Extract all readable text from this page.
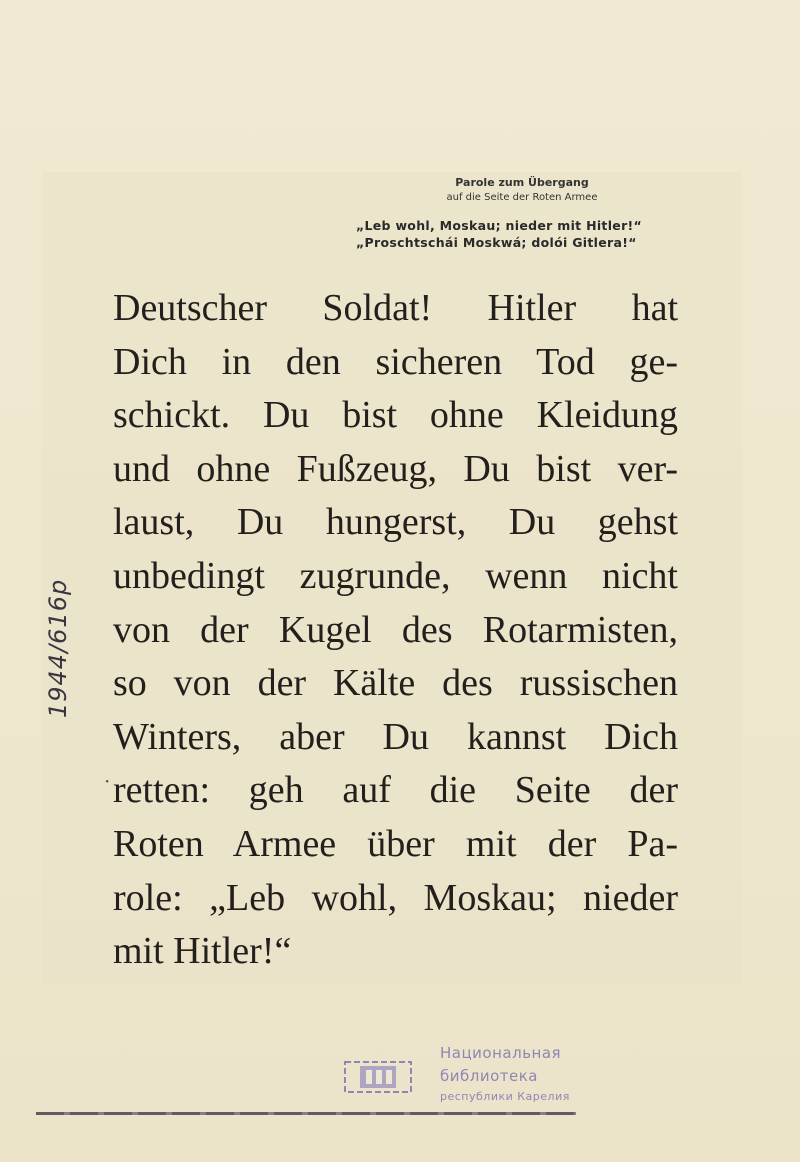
Parole zum Übergang
auf die Seite der Roten Armee
„Leb wohl, Moskau; nieder mit Hitler!“
„Proschtschái Moskwá; dolói Gitlera!“
Deutscher Soldat! Hitler hat
Dich in den sicheren Tod ge-
schickt. Du bist ohne Kleidung
und ohne Fußzeug, Du bist ver-
laust, Du hungerst, Du gehst
unbedingt zugrunde, wenn nicht
von der Kugel des Rotarmisten,
so von der Kälte des russischen
Winters, aber Du kannst Dich
retten: geh auf die Seite der
Roten Armee über mit der Pa-
role: „Leb wohl, Moskau; nieder
mit Hitler!“
1944/616р
·
Национальная
библиотека
республики Карелия
